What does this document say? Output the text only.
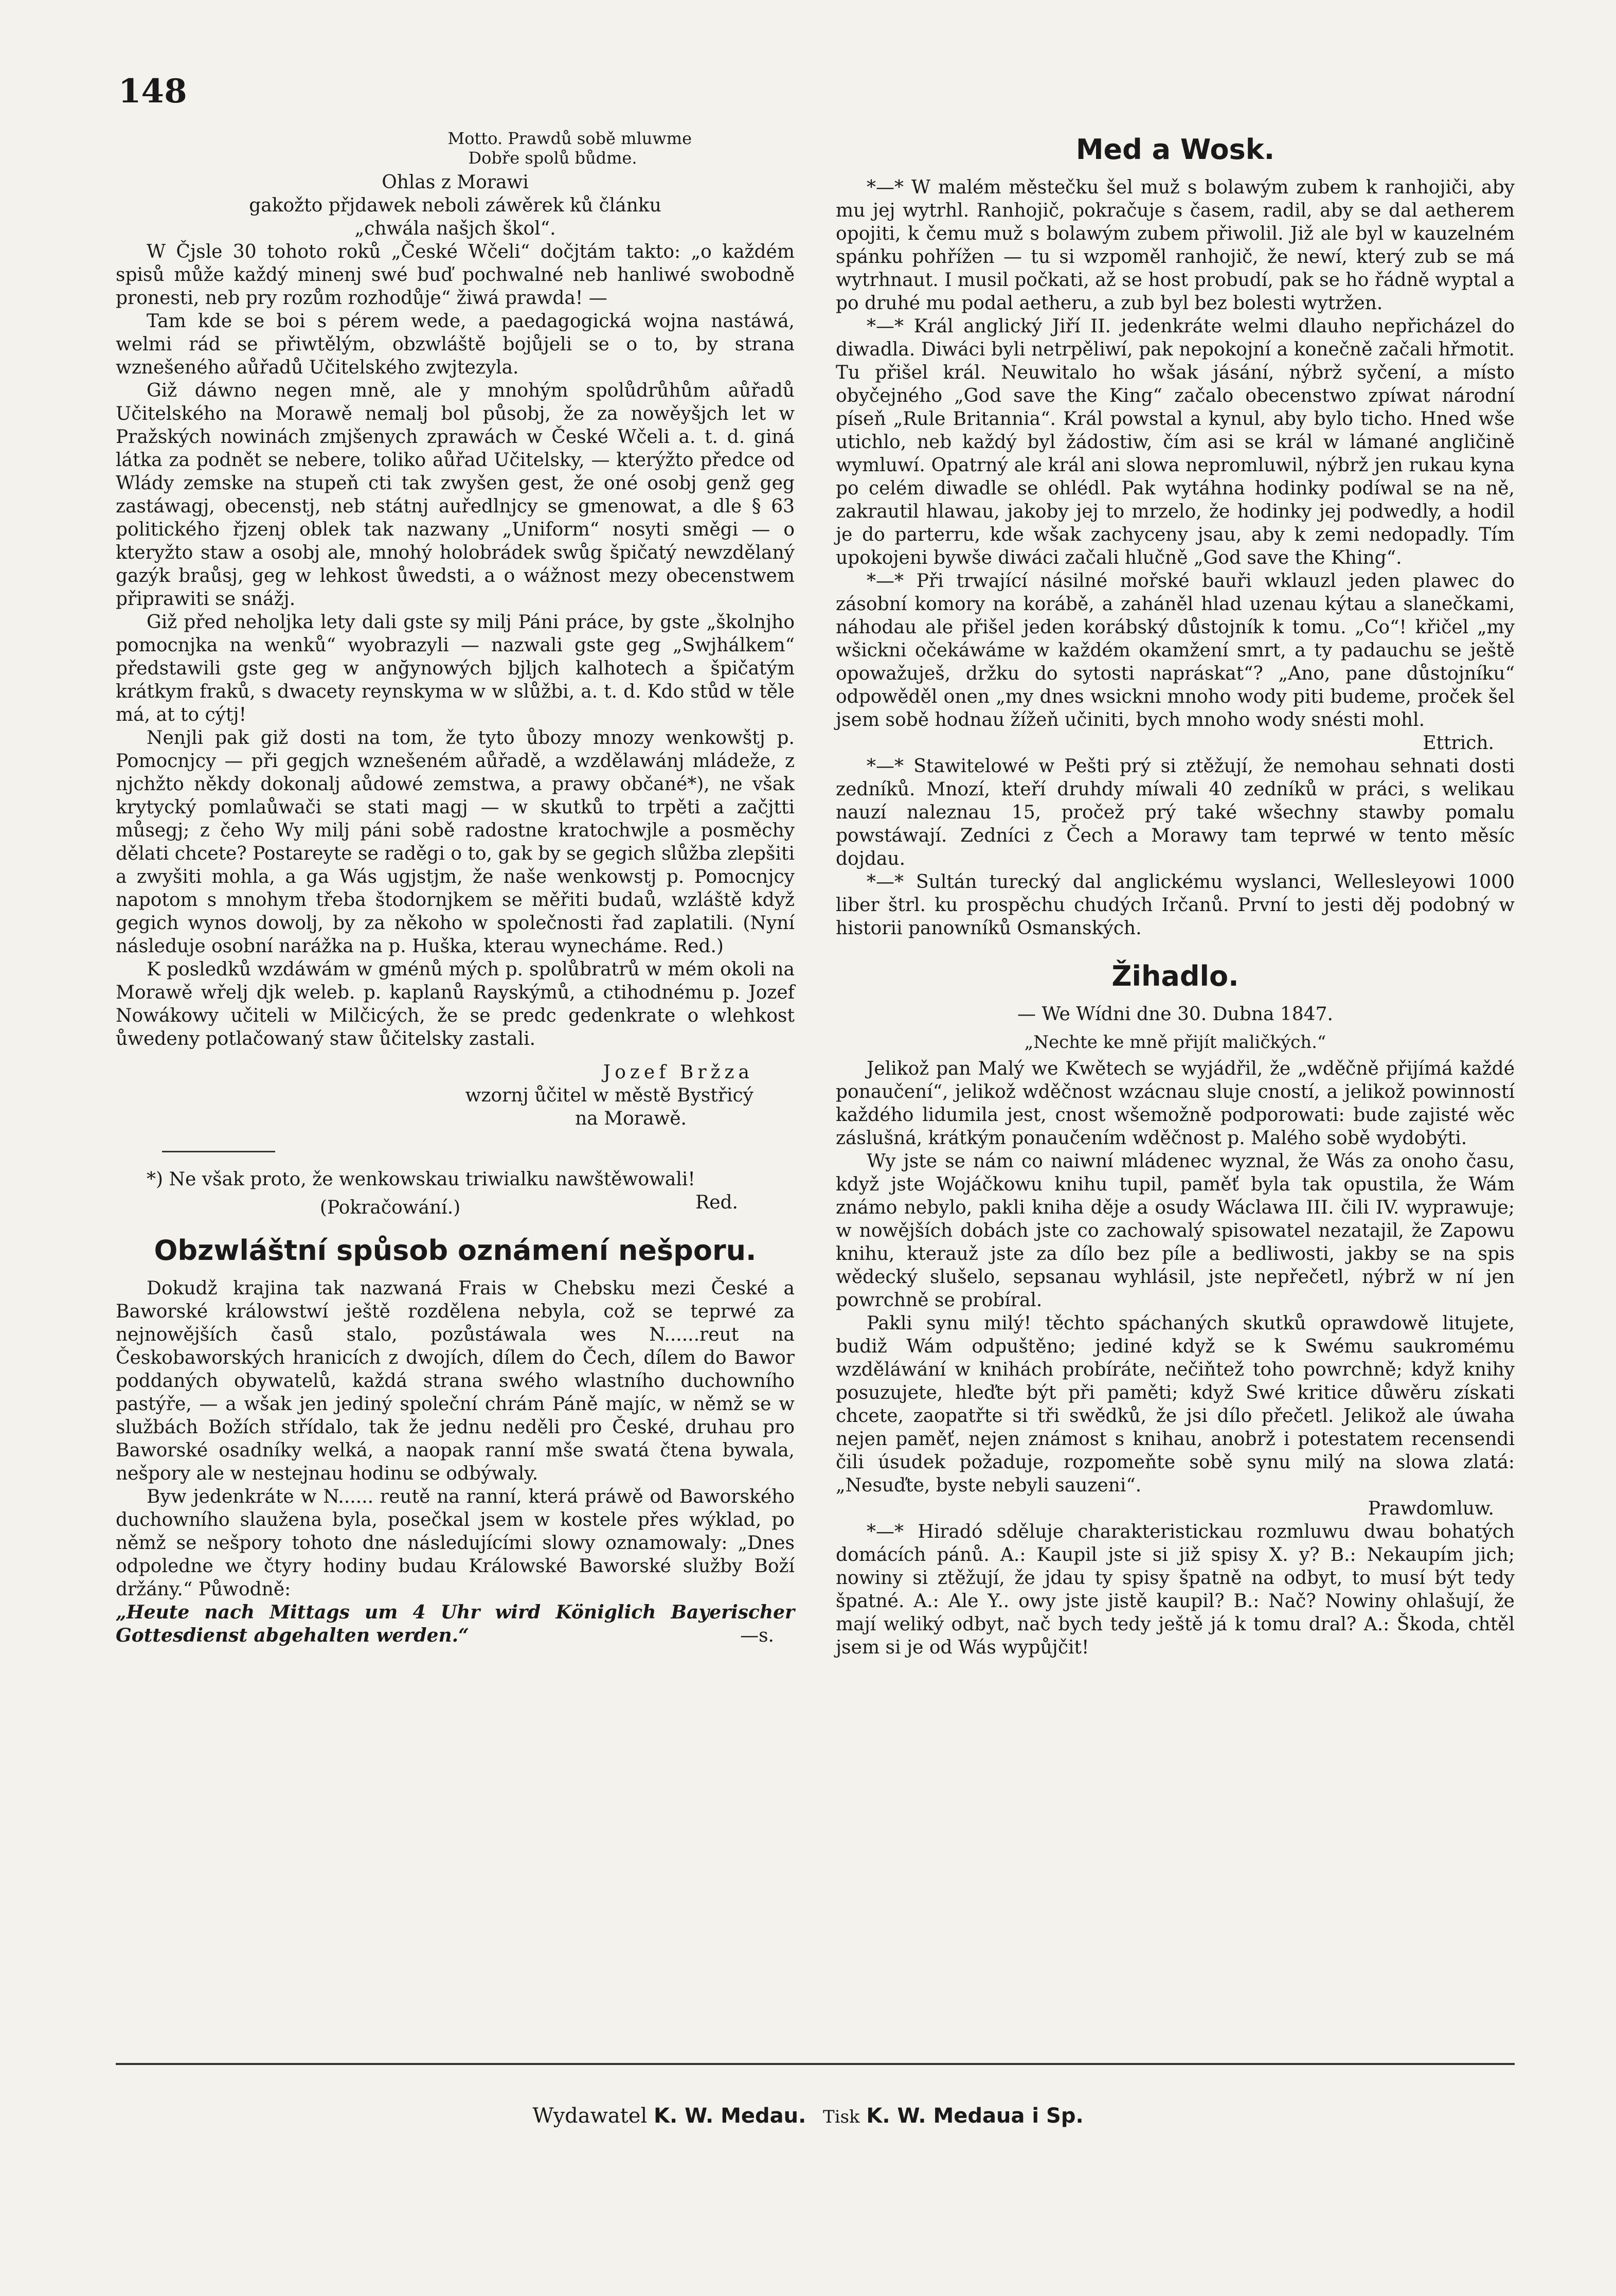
148
Motto. Prawdů sobě mluwme
Dobře spolů bůdme.
Ohlas z Morawi
gakožto přjdawek neboli záwěrek ků článku
„chwála našjch škol“.

W Čjsle 30 tohoto roků „České Wčeli“ dočjtám takto: „o každém spisů může každý minenj swé buď pochwalné neb hanliwé swobodně pronesti, neb pry rozům rozhodůje“ žiwá prawda! —

Tam kde se boi s pérem wede, a paedagogická wojna nastáwá, welmi rád se přiwtělým, obzwláště bojůjeli se o to, by strana wznešeného aůřadů Učitelského zwjtezyla.

Giž dáwno negen mně, ale y mnohým spolůdrůhům aůřadů Učitelského na Morawě nemalj bol působj, že za nowěyšjch let w Pražských nowinách zmjšenych zprawách w České Wčeli a. t. d. giná látka za podnět se nebere, toliko aůřad Učitelsky, — kterýžto předce od Wlády zemske na stupeň cti tak zwyšen gest, že oné osobj genž geg zastáwagj, obecenstj, neb státnj auředlnjcy se gmenowat, a dle § 63 politického řjzenj oblek tak nazwany „Uniform“ nosyti směgi — o kteryžto staw a osobj ale, mnohý holobrádek swůg špičatý newzdělaný gazýk braůsj, geg w lehkost ůwedsti, a o wážnost mezy obecenstwem připrawiti se snážj.

Giž před neholjka lety dali gste sy milj Páni práce, by gste „školnjho pomocnjka na wenků“ wyobrazyli — nazwali gste geg „Swjhálkem“ předstawili gste geg w anğynowých bjljch kalhotech a špičatým krátkym fraků, s dwacety reynskyma w w slůžbi, a. t. d. Kdo stůd w těle má, at to cýtj!

Nenjli pak giž dosti na tom, že tyto ůbozy mnozy wenkowštj p. Pomocnjcy — při gegjch wznešeném aůřadě, a wzdělawánj mládeže, z njchžto někdy dokonalj aůdowé zemstwa, a prawy občané*), ne však krytycký pomlaůwači se stati magj — w skutků to trpěti a začjtti můsegj; z čeho Wy milj páni sobě radostne kratochwjle a posměchy dělati chcete? Postareyte se raděgi o to, gak by se gegich slůžba zlepšiti a zwyšiti mohla, a ga Wás ugjstjm, že naše wenkowstj p. Pomocnjcy napotom s mnohym třeba štodornjkem se měřiti budaů, wzláště když gegich wynos dowolj, by za někoho w společnosti řad zaplatili. (Nyní následuje osobní narážka na p. Huška, kterau wynecháme. Red.)

K posledků wzdáwám w gménů mých p. spolůbratrů w mém okoli na Morawě wřelj djk weleb. p. kaplanů Rayskýmů, a ctihodnému p. Jozef Nowákowy učiteli w Milčicých, že se predc gedenkrate o wlehkost ůwedeny potlačowaný staw ůčitelsky zastali.

Jozef Bržza
wzornj ůčitel w městě Bystřicý
na Morawě.

*) Ne však proto, že wenkowskau triwialku nawštěwowali!
Red.

(Pokračowání.)
Obzwláštní spůsob oznámení nešporu.

Dokudž krajina tak nazwaná Frais w Chebsku mezi České a Baworské králowstwí ještě rozdělena nebyla, což se teprwé za nejnowějších časů stalo, pozůstáwala wes N......reut na Českobaworských hranicích z dwojích, dílem do Čech, dílem do Bawor poddaných obywatelů, každá strana swého wlastního duchowního pastýře, — a wšak jen jediný společní chrám Páně majíc, w němž se w službách Božích střídalo, tak že jednu neděli pro České, druhau pro Baworské osadníky welká, a naopak ranní mše swatá čtena bywala, nešpory ale w nestejnau hodinu se odbýwaly.

Byw jedenkráte w N...... reutě na ranní, která práwě od Baworského duchowního slaužena byla, posečkal jsem w kostele přes wýklad, po němž se nešpory tohoto dne následujícími slowy oznamowaly: „Dnes odpoledne we čtyry hodiny budau Králowské Baworské služby Boží držány.“ Půwodně:

„Heute nach Mittags um 4 Uhr wird Königlich Bayerischer Gottesdienst abgehalten werden.“	—s.

Med a Wosk.

*—* W malém městečku šel muž s bolawým zubem k ranhojiči, aby mu jej wytrhl. Ranhojič, pokračuje s časem, radil, aby se dal aetherem opojiti, k čemu muž s bolawým zubem přiwolil. Již ale byl w kauzelném spánku pohřížen — tu si wzpoměl ranhojič, že newí, který zub se má wytrhnaut. I musil počkati, až se host probudí, pak se ho řádně wyptal a po druhé mu podal aetheru, a zub byl bez bolesti wytržen.

*—* Král anglický Jiří II. jedenkráte welmi dlauho nepřicházel do diwadla. Diwáci byli netrpěliwí, pak nepokojní a konečně začali hřmotit. Tu přišel král. Neuwitalo ho wšak jásání, nýbrž syčení, a místo obyčejného „God save the King“ začalo obecenstwo zpíwat národní píseň „Rule Britannia“. Král powstal a kynul, aby bylo ticho. Hned wše utichlo, neb každý byl žádostiw, čím asi se král w lámané angličině wymluwí. Opatrný ale král ani slowa nepromluwil, nýbrž jen rukau kyna po celém diwadle se ohlédl. Pak wytáhna hodinky podíwal se na ně, zakrautil hlawau, jakoby jej to mrzelo, že hodinky jej podwedly, a hodil je do parterru, kde wšak zachyceny jsau, aby k zemi nedopadly. Tím upokojeni bywše diwáci začali hlučně „God save the Khing“.

*—* Při trwající násilné mořské bauři wklauzl jeden plawec do zásobní komory na korábě, a zaháněl hlad uzenau kýtau a slanečkami, náhodau ale přišel jeden korábský důstojník k tomu. „Co“! křičel „my wšickni očekáwáme w každém okamžení smrt, a ty padauchu se ještě opowažuješ, držku do sytosti napráskat“? „Ano, pane důstojníku“ odpowěděl onen „my dnes wsickni mnoho wody piti budeme, proček šel jsem sobě hodnau žížeň učiniti, bych mnoho wody snésti mohl.

Ettrich.

*—* Stawitelowé w Pešti prý si ztěžují, že nemohau sehnati dosti zedníků. Mnozí, kteří druhdy míwali 40 zedníků w práci, s welikau nauzí naleznau 15, pročež prý také wšechny stawby pomalu powstáwají. Zedníci z Čech a Morawy tam teprwé w tento měsíc dojdau.

*—* Sultán turecký dal anglickému wyslanci, Wellesleyowi 1000 liber štrl. ku prospěchu chudých Irčanů. První to jesti děj podobný w historii panowníků Osmanských.

Žihadlo.
— We Wídni dne 30. Dubna 1847.
„Nechte ke mně přijít maličkých.“

Jelikož pan Malý we Kwětech se wyjádřil, že „wděčně přijímá každé ponaučení“, jelikož wděčnost wzácnau sluje cností, a jelikož powinností každého lidumila jest, cnost wšemožně podporowati: bude zajisté wěc záslušná, krátkým ponaučením wděčnost p. Malého sobě wydobýti.

Wy jste se nám co naiwní mládenec wyznal, že Wás za onoho času, když jste Wojáčkowu knihu tupil, paměť byla tak opustila, že Wám známo nebylo, pakli kniha děje a osudy Wáclawa III. čili IV. wyprawuje; w nowějších dobách jste co zachowalý spisowatel nezatajil, že Zapowu knihu, kterauž jste za dílo bez píle a bedliwosti, jakby se na spis wědecký slušelo, sepsanau wyhlásil, jste nepřečetl, nýbrž w ní jen powrchně se probíral.

Pakli synu milý! těchto spáchaných skutků oprawdowě litujete, budiž Wám odpuštěno; jediné když se k Swému saukromému wzděláwání w knihách probíráte, nečiňtež toho powrchně; když knihy posuzujete, hleďte být při paměti; když Swé kritice důwěru získati chcete, zaopatřte si tři swědků, že jsi dílo přečetl. Jelikož ale úwaha nejen paměť, nejen známost s knihau, anobrž i potestatem recensendi čili úsudek požaduje, rozpomeňte sobě synu milý na slowa zlatá: „Nesuďte, byste nebyli sauzeni“.

Prawdomluw.

*—* Hiradó sděluje charakteristickau rozmluwu dwau bohatých domácích pánů. A.: Kaupil jste si již spisy X. y? B.: Nekaupím jich; nowiny si ztěžují, že jdau ty spisy špatně na odbyt, to musí být tedy špatné. A.: Ale Y.. owy jste jistě kaupil? B.: Nač? Nowiny ohlašují, že mají weliký odbyt, nač bych tedy ještě já k tomu dral? A.: Škoda, chtěl jsem si je od Wás wypůjčit!

Wydawatel K. W. Medau. Tisk K. W. Medaua i Sp.
